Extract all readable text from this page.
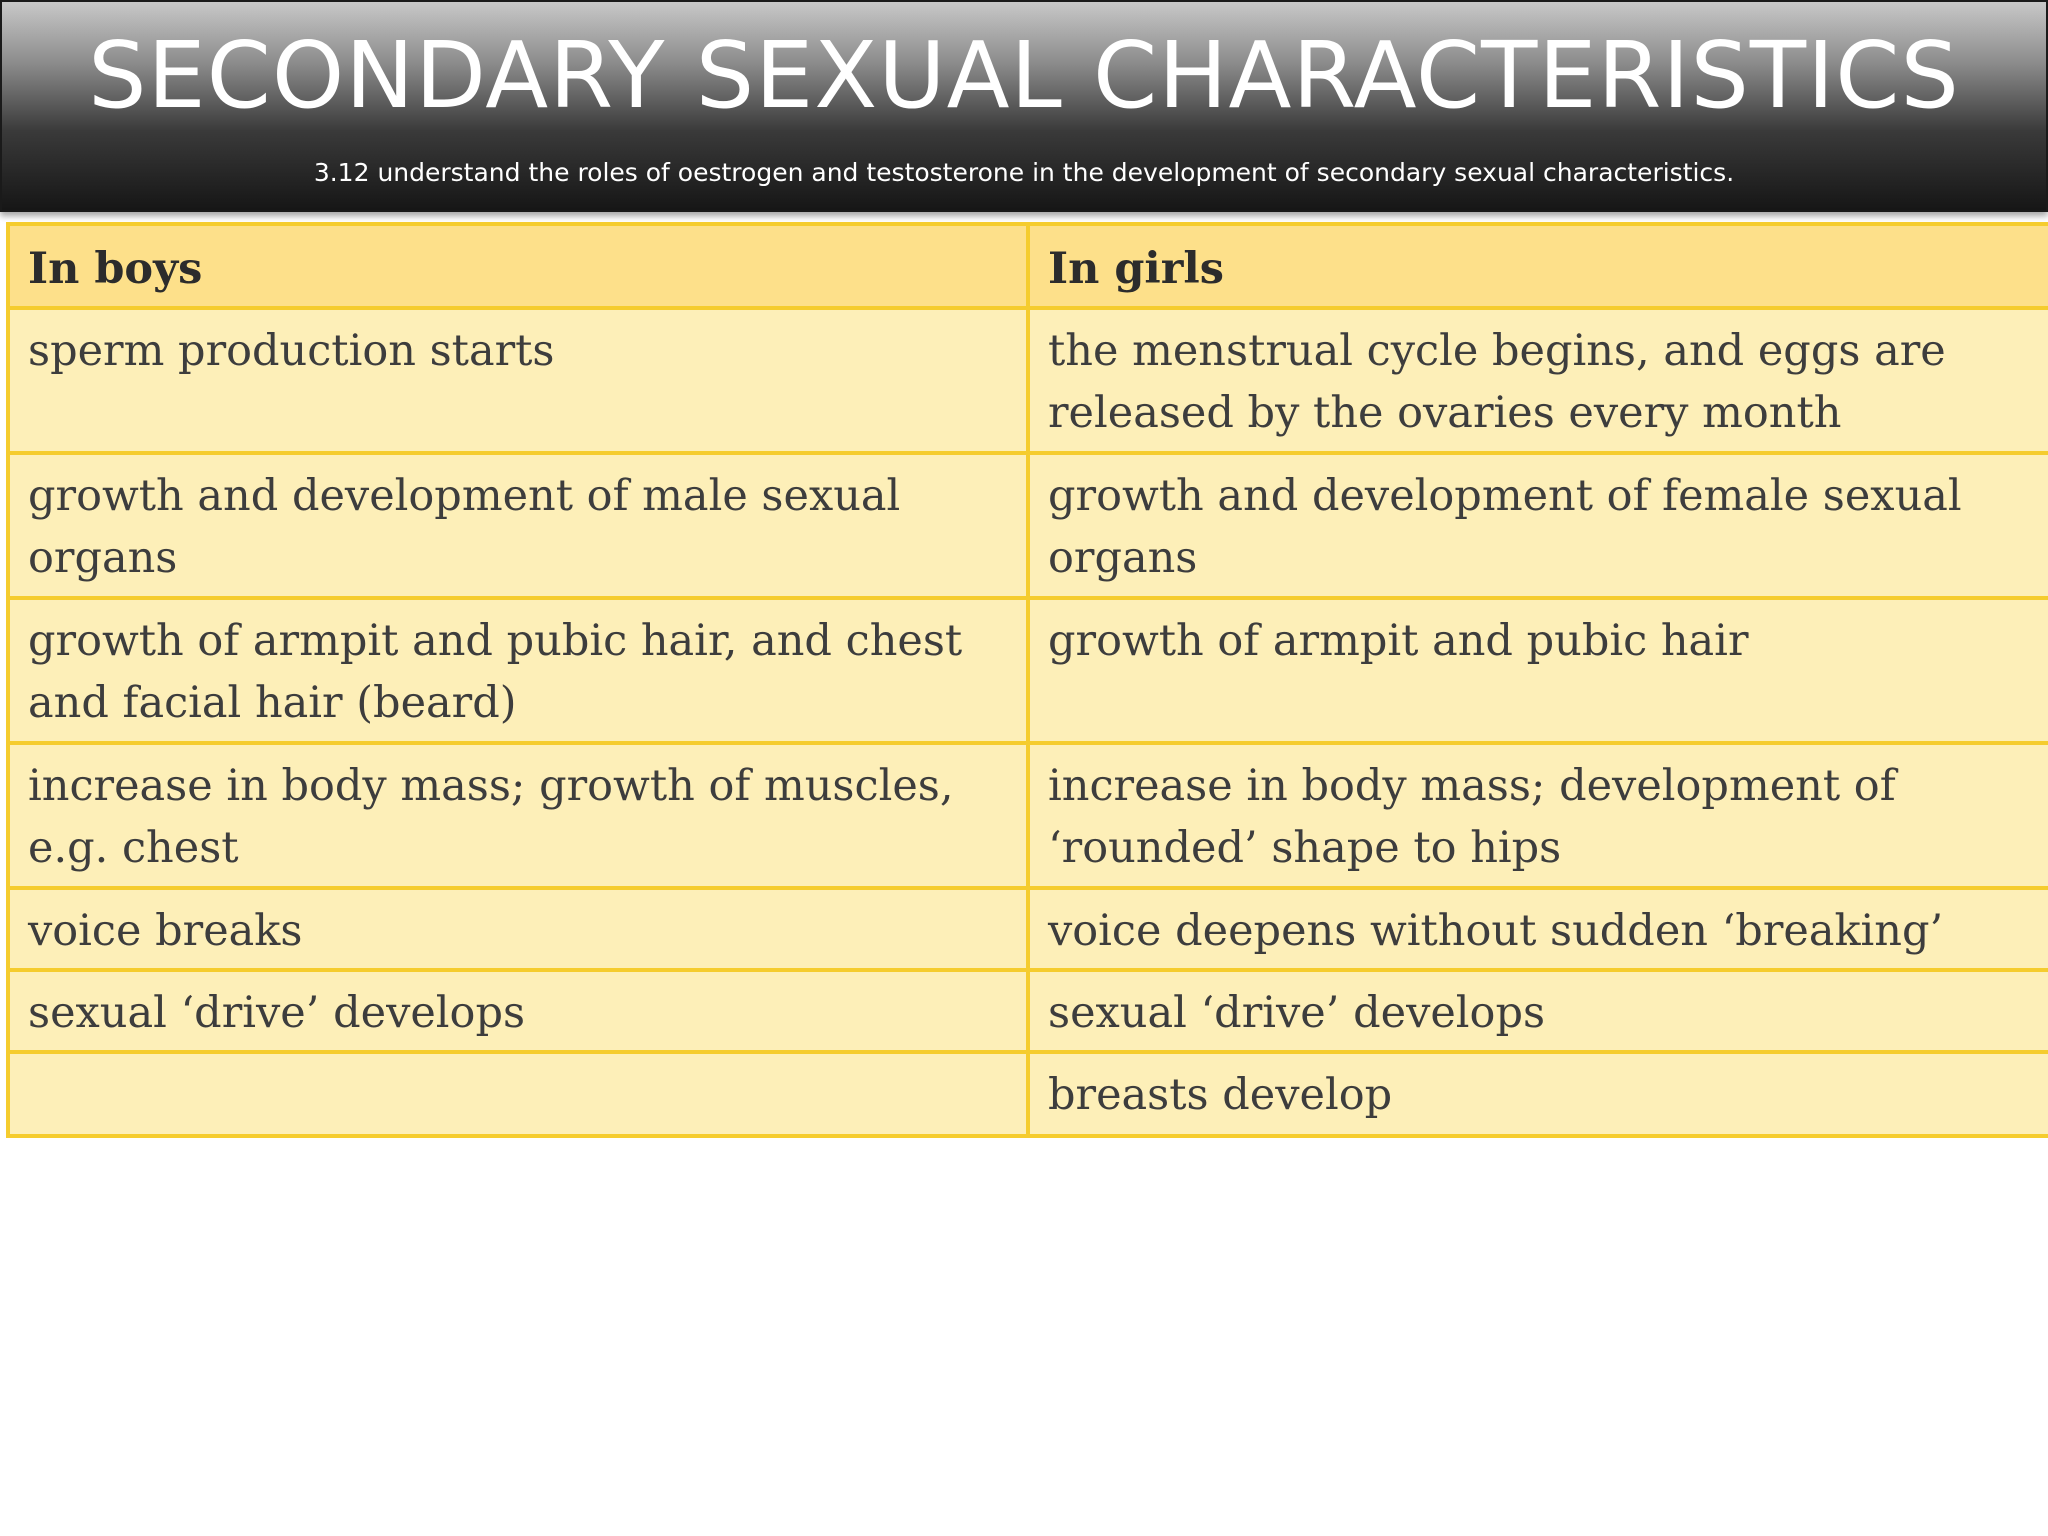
SECONDARY SEXUAL CHARACTERISTICS
3.12 understand the roles of oestrogen and testosterone in the development of secondary sexual characteristics.
In boys	In girls
sperm production starts	the menstrual cycle begins, and eggs are released by the ovaries every month
growth and development of male sexual organs	growth and development of female sexual organs
growth of armpit and pubic hair, and chest and facial hair (beard)	growth of armpit and pubic hair
increase in body mass; growth of muscles, e.g. chest	increase in body mass; development of ‘rounded’ shape to hips
voice breaks	voice deepens without sudden ‘breaking’
sexual ‘drive’ develops	sexual ‘drive’ develops
	breasts develop
